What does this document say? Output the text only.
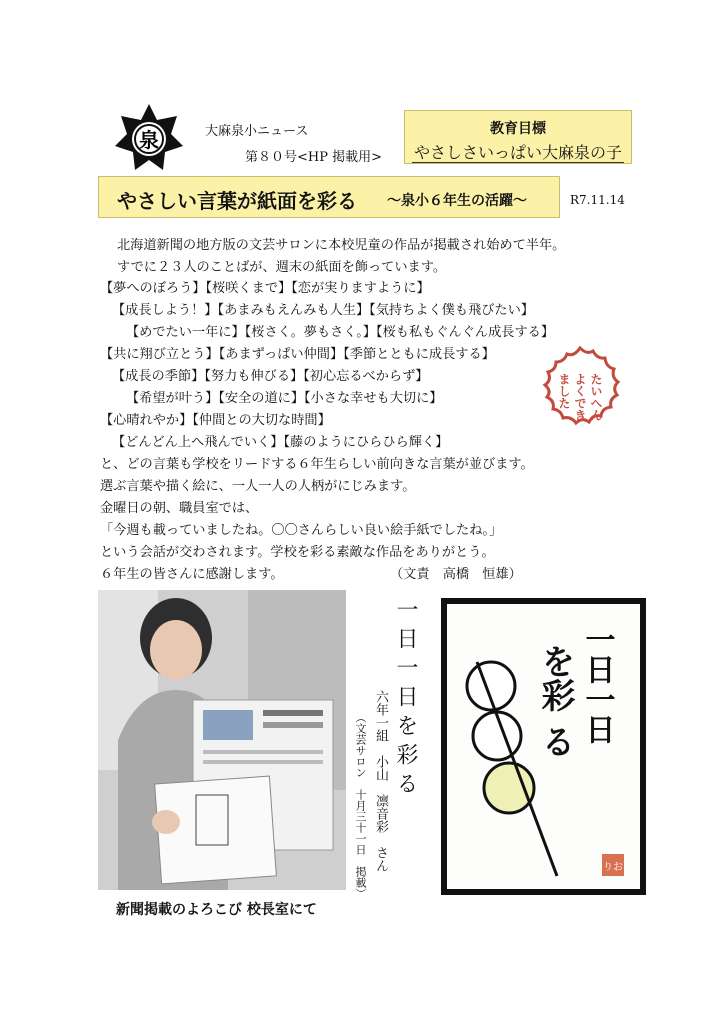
泉	大麻泉小ニュース
第８０号<HP 掲載用>
教育目標
やさしさいっぱい大麻泉の子
やさしい言葉が紙面を彩る ～泉小６年生の活躍～	R7.11.14
北海道新聞の地方版の文芸サロンに本校児童の作品が掲載され始めて半年。
すでに２３人のことばが、週末の紙面を飾っています。
【夢へのぼろう】【桜咲くまで】【恋が実りますように】
【成長しよう！】【あまみもえんみも人生】【気持ちよく僕も飛びたい】
【めでたい一年に】【桜さく。夢もさく。】【桜も私もぐんぐん成長する】
【共に翔び立とう】【あまずっぱい仲間】【季節とともに成長する】
【成長の季節】【努力も伸びる】【初心忘るべからず】
【希望が叶う】【安全の道に】【小さな幸せも大切に】
【心晴れやか】【仲間との大切な時間】
【どんどん上へ飛んでいく】【藤のようにひらひら輝く】
と、どの言葉も学校をリードする６年生らしい前向きな言葉が並びます。
選ぶ言葉や描く絵に、一人一人の人柄がにじみます。
金曜日の朝、職員室では、
「今週も載っていましたね。〇〇さんらしい良い絵手紙でしたね。」
という会話が交わされます。学校を彩る素敵な作品をありがとう。
６年生の皆さんに感謝します。	（文責　高橋　恒雄）
たいへん
よくでき
ました
新聞掲載のよろこび 校長室にて
一日一日を彩る
六年一組　小山　凛音彩　さん
（文芸サロン　十月三十一日　掲載）
一日一日
を彩
る
りお
